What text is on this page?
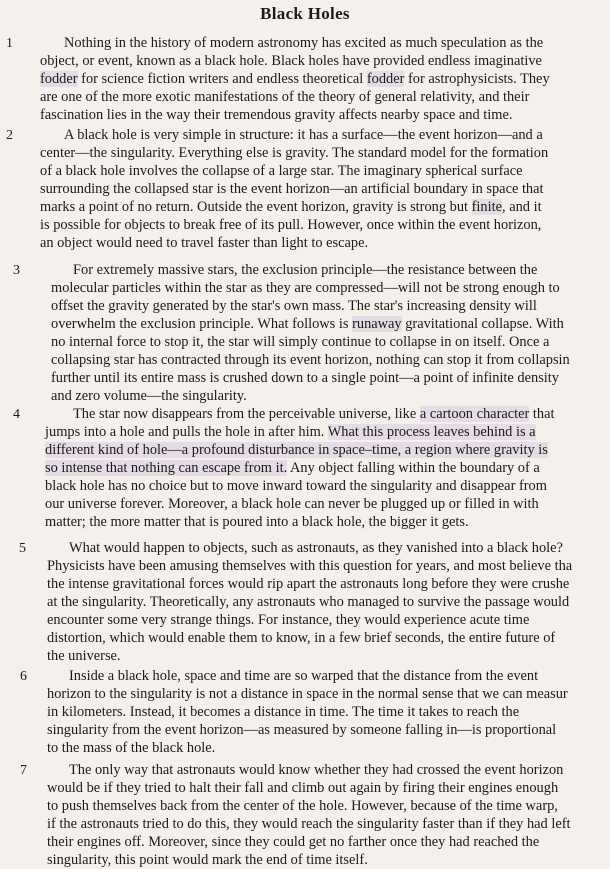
Black Holes
1	Nothing in the history of modern astronomy has excited as much speculation as the
object, or event, known as a black hole. Black holes have provided endless imaginative
fodder for science fiction writers and endless theoretical fodder for astrophysicists. They
are one of the more exotic manifestations of the theory of general relativity, and their
fascination lies in the way their tremendous gravity affects nearby space and time.
2	A black hole is very simple in structure: it has a surface—the event horizon—and a
center—the singularity. Everything else is gravity. The standard model for the formation
of a black hole involves the collapse of a large star. The imaginary spherical surface
surrounding the collapsed star is the event horizon—an artificial boundary in space that
marks a point of no return. Outside the event horizon, gravity is strong but finite, and it
is possible for objects to break free of its pull. However, once within the event horizon,
an object would need to travel faster than light to escape.
3	For extremely massive stars, the exclusion principle—the resistance between the
molecular particles within the star as they are compressed—will not be strong enough to
offset the gravity generated by the star's own mass. The star's increasing density will
overwhelm the exclusion principle. What follows is runaway gravitational collapse. With
no internal force to stop it, the star will simply continue to collapse in on itself. Once a
collapsing star has contracted through its event horizon, nothing can stop it from collapsin
further until its entire mass is crushed down to a single point—a point of infinite density
and zero volume—the singularity.
4	The star now disappears from the perceivable universe, like a cartoon character that
jumps into a hole and pulls the hole in after him. What this process leaves behind is a
different kind of hole—a profound disturbance in space–time, a region where gravity is
so intense that nothing can escape from it. Any object falling within the boundary of a
black hole has no choice but to move inward toward the singularity and disappear from
our universe forever. Moreover, a black hole can never be plugged up or filled in with
matter; the more matter that is poured into a black hole, the bigger it gets.
5	What would happen to objects, such as astronauts, as they vanished into a black hole?
Physicists have been amusing themselves with this question for years, and most believe tha
the intense gravitational forces would rip apart the astronauts long before they were crushe
at the singularity. Theoretically, any astronauts who managed to survive the passage would
encounter some very strange things. For instance, they would experience acute time
distortion, which would enable them to know, in a few brief seconds, the entire future of
the universe.
6	Inside a black hole, space and time are so warped that the distance from the event
horizon to the singularity is not a distance in space in the normal sense that we can measur
in kilometers. Instead, it becomes a distance in time. The time it takes to reach the
singularity from the event horizon—as measured by someone falling in—is proportional
to the mass of the black hole.
7	The only way that astronauts would know whether they had crossed the event horizon
would be if they tried to halt their fall and climb out again by firing their engines enough
to push themselves back from the center of the hole. However, because of the time warp,
if the astronauts tried to do this, they would reach the singularity faster than if they had left
their engines off. Moreover, since they could get no farther once they had reached the
singularity, this point would mark the end of time itself.
